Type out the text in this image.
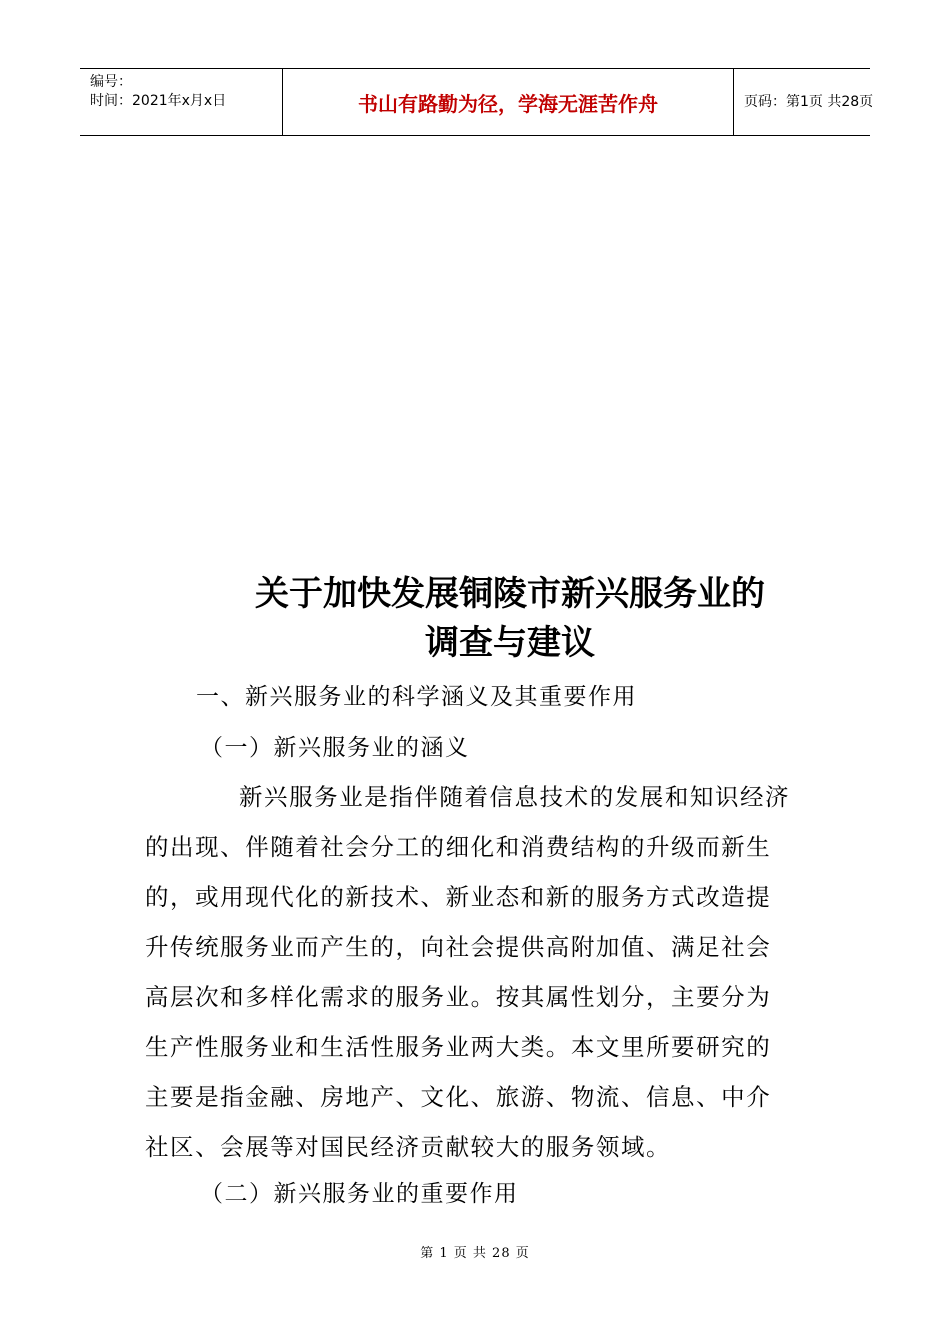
编号：
时间：2021年x月x日	书山有路勤为径，学海无涯苦作舟	页码：第1页 共28页
关于加快发展铜陵市新兴服务业的
调查与建议
一、新兴服务业的科学涵义及其重要作用
（一）新兴服务业的涵义
新兴服务业是指伴随着信息技术的发展和知识经济
的出现、伴随着社会分工的细化和消费结构的升级而新生
的，或用现代化的新技术、新业态和新的服务方式改造提
升传统服务业而产生的，向社会提供高附加值、满足社会
高层次和多样化需求的服务业。按其属性划分，主要分为
生产性服务业和生活性服务业两大类。本文里所要研究的
主要是指金融、房地产、文化、旅游、物流、信息、中介
社区、会展等对国民经济贡献较大的服务领域。
（二）新兴服务业的重要作用
第 1 页 共 28 页
